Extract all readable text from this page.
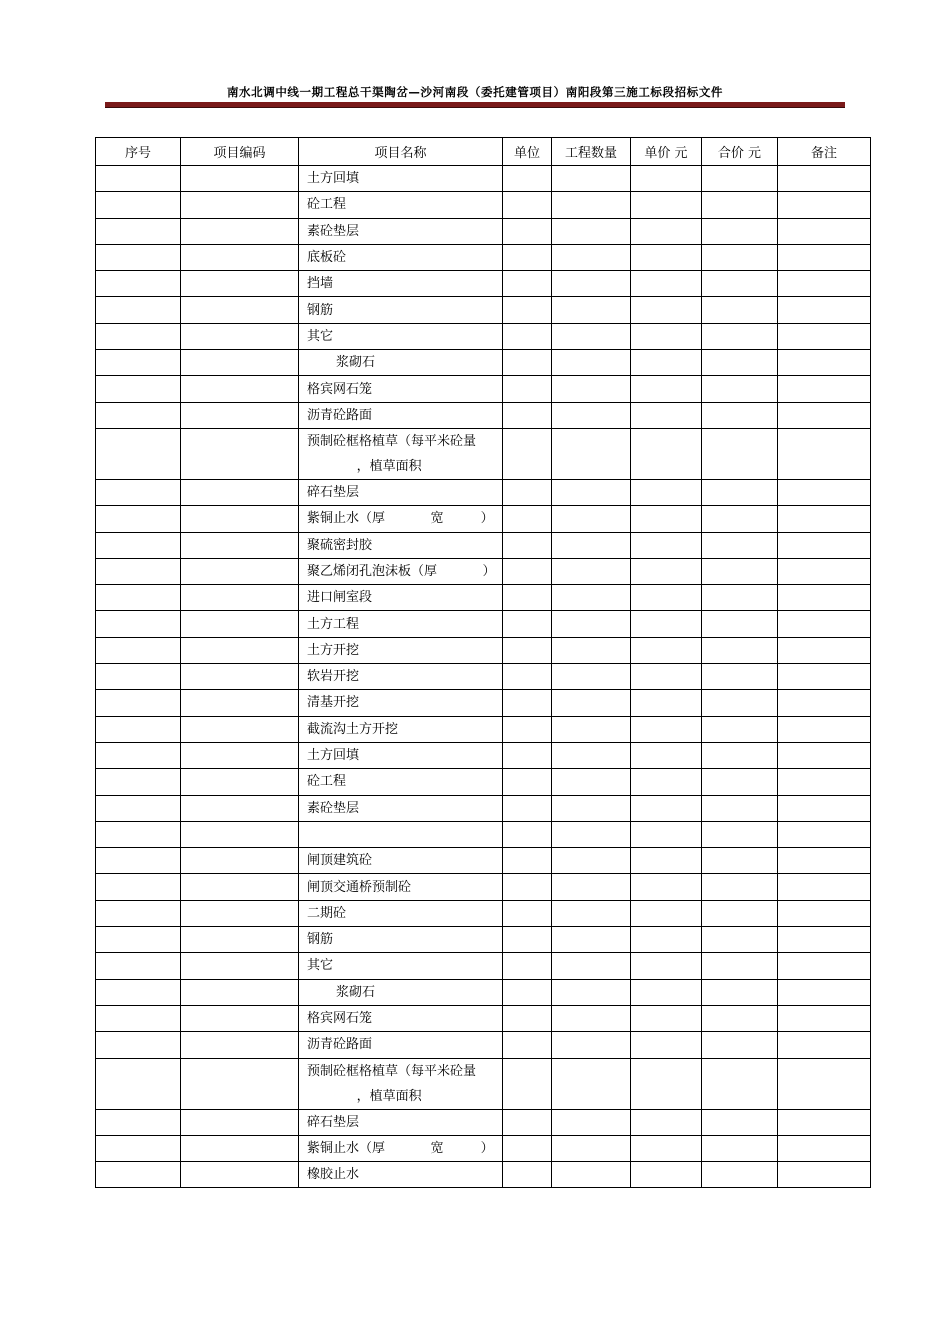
南水北调中线一期工程总干渠陶岔—沙河南段（委托建管项目）南阳段第三施工标段招标文件
序号	项目编码	项目名称	单位	工程数量	单价 元	合价 元	备注
		土方回填					
		砼工程					
		素砼垫层					
		底板砼					
		挡墙					
		钢筋					
		其它					
		浆砌石					
		格宾网石笼					
		沥青砼路面					
		预制砼框格植草（每平米砼量
，植草面积					
		碎石垫层					
		紫铜止水（厚           宽         ）					
		聚硫密封胶					
		聚乙烯闭孔泡沫板（厚           ）					
		进口闸室段					
		土方工程					
		土方开挖					
		软岩开挖					
		清基开挖					
		截流沟土方开挖					
		土方回填					
		砼工程					
		素砼垫层					

		闸顶建筑砼					
		闸顶交通桥预制砼					
		二期砼					
		钢筋					
		其它					
		浆砌石					
		格宾网石笼					
		沥青砼路面					
		预制砼框格植草（每平米砼量
，植草面积					
		碎石垫层					
		紫铜止水（厚           宽         ）					
		橡胶止水					
